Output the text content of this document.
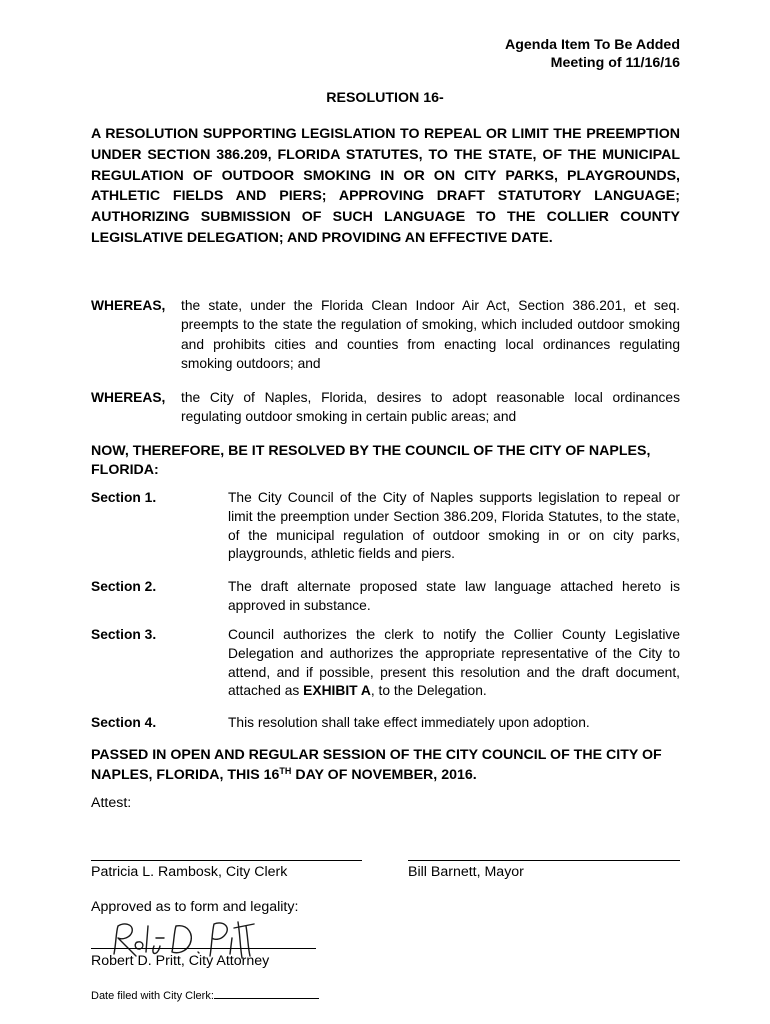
Agenda Item To Be Added
Meeting of 11/16/16
RESOLUTION 16-
A RESOLUTION SUPPORTING LEGISLATION TO REPEAL OR LIMIT THE PREEMPTION UNDER SECTION 386.209, FLORIDA STATUTES, TO THE STATE, OF THE MUNICIPAL REGULATION OF OUTDOOR SMOKING IN OR ON CITY PARKS, PLAYGROUNDS, ATHLETIC FIELDS AND PIERS; APPROVING DRAFT STATUTORY LANGUAGE; AUTHORIZING SUBMISSION OF SUCH LANGUAGE TO THE COLLIER COUNTY LEGISLATIVE DELEGATION; AND PROVIDING AN EFFECTIVE DATE.
WHEREAS, the state, under the Florida Clean Indoor Air Act, Section 386.201, et seq. preempts to the state the regulation of smoking, which included outdoor smoking and prohibits cities and counties from enacting local ordinances regulating smoking outdoors; and
WHEREAS, the City of Naples, Florida, desires to adopt reasonable local ordinances regulating outdoor smoking in certain public areas; and
NOW, THEREFORE, BE IT RESOLVED BY THE COUNCIL OF THE CITY OF NAPLES, FLORIDA:
Section 1.	The City Council of the City of Naples supports legislation to repeal or limit the preemption under Section 386.209, Florida Statutes, to the state, of the municipal regulation of outdoor smoking in or on city parks, playgrounds, athletic fields and piers.
Section 2.	The draft alternate proposed state law language attached hereto is approved in substance.
Section 3.	Council authorizes the clerk to notify the Collier County Legislative Delegation and authorizes the appropriate representative of the City to attend, and if possible, present this resolution and the draft document, attached as EXHIBIT A, to the Delegation.
Section 4.	This resolution shall take effect immediately upon adoption.
PASSED IN OPEN AND REGULAR SESSION OF THE CITY COUNCIL OF THE CITY OF NAPLES, FLORIDA, THIS 16TH DAY OF NOVEMBER, 2016.
Attest:
Patricia L. Rambosk, City Clerk	Bill Barnett, Mayor
Approved as to form and legality:
Robert D. Pritt, City Attorney
Date filed with City Clerk:
